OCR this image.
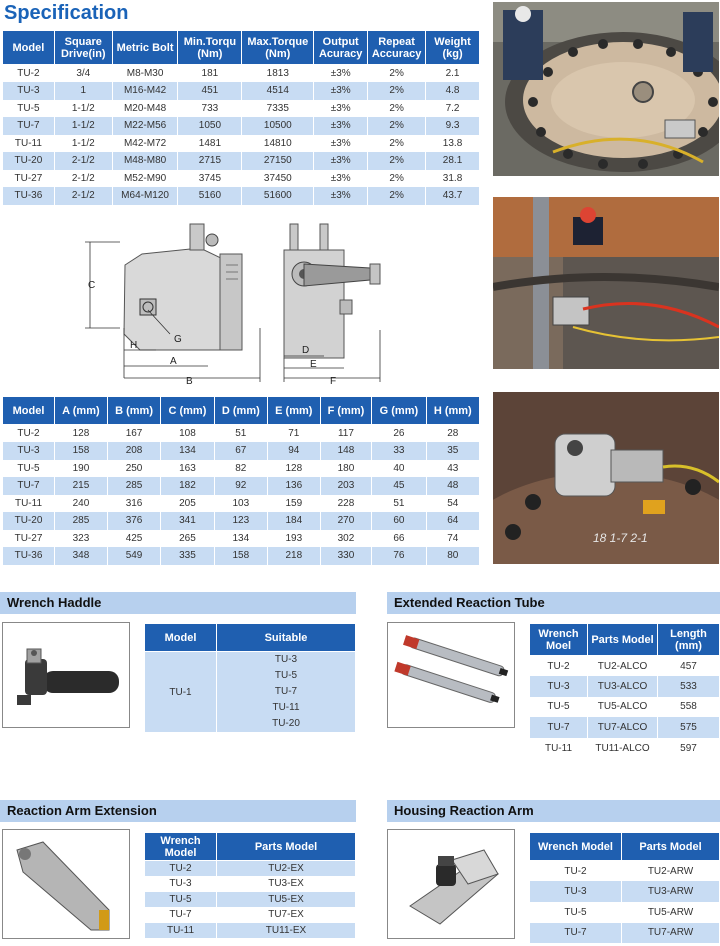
Specification
Model	Square Drive(in)	Metric Bolt	Min.Torqu (Nm)	Max.Torque (Nm)	Output Acuracy	Repeat Accuracy	Weight (kg)
TU-2	3/4	M8-M30	181	1813	±3%	2%	2.1
TU-3	1	M16-M42	451	4514	±3%	2%	4.8
TU-5	1-1/2	M20-M48	733	7335	±3%	2%	7.2
TU-7	1-1/2	M22-M56	1050	10500	±3%	2%	9.3
TU-11	1-1/2	M42-M72	1481	14810	±3%	2%	13.8
TU-20	2-1/2	M48-M80	2715	27150	±3%	2%	28.1
TU-27	2-1/2	M52-M90	3745	37450	±3%	2%	31.8
TU-36	2-1/2	M64-M120	5160	51600	±3%	2%	43.7
18 1-7 2-1
C
H
G
A
B
D
E
F
Model	A (mm)	B (mm)	C (mm)	D (mm)	E (mm)	F (mm)	G (mm)	H (mm)
TU-2	128	167	108	51	71	117	26	28
TU-3	158	208	134	67	94	148	33	35
TU-5	190	250	163	82	128	180	40	43
TU-7	215	285	182	92	136	203	45	48
TU-11	240	316	205	103	159	228	51	54
TU-20	285	376	341	123	184	270	60	64
TU-27	323	425	265	134	193	302	66	74
TU-36	348	549	335	158	218	330	76	80
Wrench Haddle
Model	Suitable
TU-1	TU-3
TU-5
TU-7
TU-11
TU-20
Extended Reaction Tube
Wrench Moel	Parts Model	Length (mm)
TU-2	TU2-ALCO	457
TU-3	TU3-ALCO	533
TU-5	TU5-ALCO	558
TU-7	TU7-ALCO	575
TU-11	TU11-ALCO	597
Reaction Arm Extension
Wrench Model	Parts Model
TU-2	TU2-EX
TU-3	TU3-EX
TU-5	TU5-EX
TU-7	TU7-EX
TU-11	TU11-EX
Housing Reaction Arm
Wrench Model	Parts Model
TU-2	TU2-ARW
TU-3	TU3-ARW
TU-5	TU5-ARW
TU-7	TU7-ARW
